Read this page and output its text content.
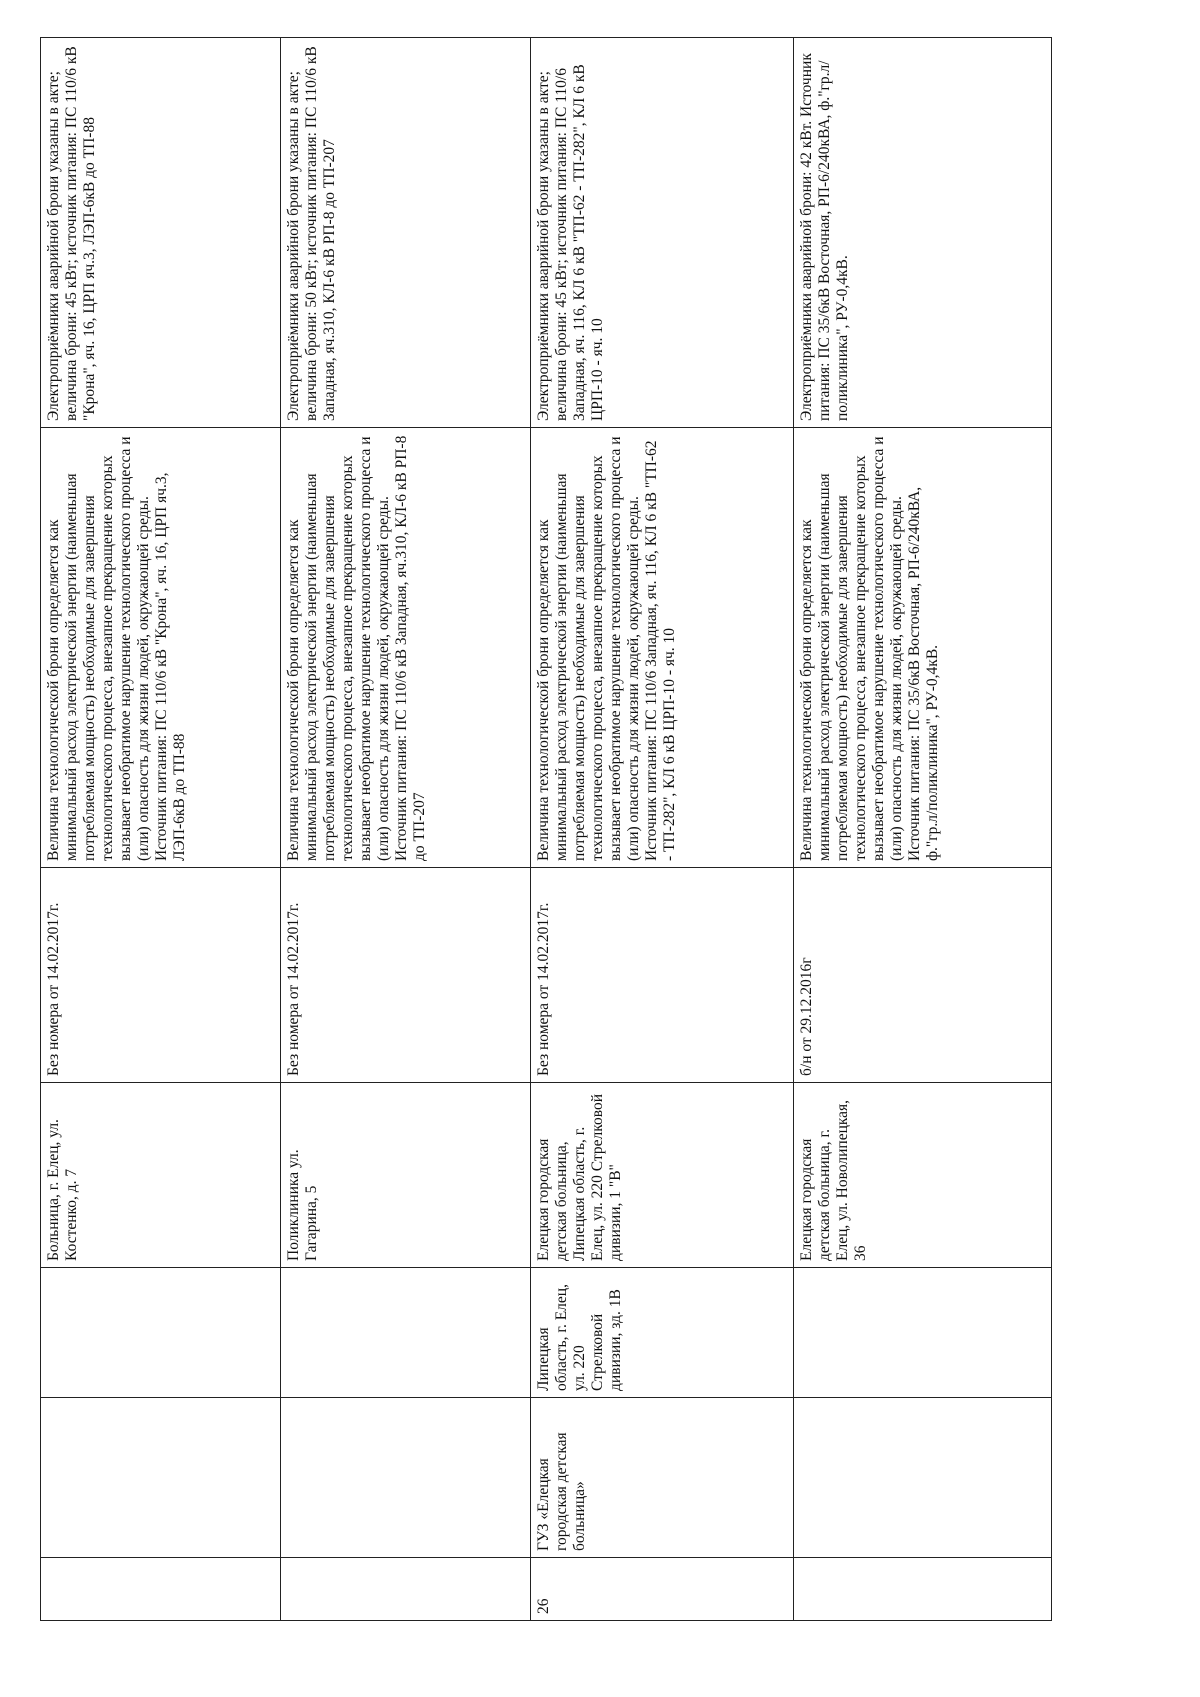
			Больница, г. Елец, ул. Костенко, д. 7	Без номера от 14.02.2017г.	Величина технологической брони определяется как минимальный расход электрической энергии (наименьшая потребляемая мощность) необходимые для завершения технологического процесса, внезапное прекращение которых вызывает необратимое нарушение технологического процесса и (или) опасность для жизни людей, окружающей среды. Источник питания: ПС 110/6 кВ "Крона", яч. 16, ЦРП яч.3, ЛЭП-6кВ до ТП-88	Электроприёмники аварийной брони указаны в акте; величина брони: 45 кВт; источник питания: ПС 110/6 кВ "Крона", яч. 16, ЦРП яч.3, ЛЭП-6кВ до ТП-88
			Поликлиника ул. Гагарина, 5	Без номера от 14.02.2017г.	Величина технологической брони определяется как минимальный расход электрической энергии (наименьшая потребляемая мощность) необходимые для завершения технологического процесса, внезапное прекращение которых вызывает необратимое нарушение технологического процесса и (или) опасность для жизни людей, окружающей среды. Источник питания: ПС 110/6 кВ Западная, яч.310, КЛ-6 кВ РП-8 до ТП-207	Электроприёмники аварийной брони указаны в акте; величина брони: 50 кВт; источник питания: ПС 110/6 кВ Западная, яч.310, КЛ-6 кВ РП-8 до ТП-207
26	ГУЗ «Елецкая городская детская больница»	Липецкая область, г. Елец, ул. 220 Стрелковой дивизии, зд. 1В	Елецкая городская детская больница, Липецкая область, г. Елец, ул. 220 Стрелковой дивизии, 1 "В"	Без номера от 14.02.2017г.	Величина технологической брони определяется как минимальный расход электрической энергии (наименьшая потребляемая мощность) необходимые для завершения технологического процесса, внезапное прекращение которых вызывает необратимое нарушение технологического процесса и (или) опасность для жизни людей, окружающей среды. Источник питания: ПС 110/6 Западная, яч. 116, КЛ 6 кВ "ТП-62 - ТП-282", КЛ 6 кВ ЦРП-10 - яч. 10	Электроприёмники аварийной брони указаны в акте; величина брони: 45 кВт; источник питания: ПС 110/6 Западная, яч. 116, КЛ 6 кВ "ТП-62 - ТП-282", КЛ 6 кВ ЦРП-10 - яч. 10
			Елецкая городская детская больница, г. Елец, ул. Новолипецкая, 36	б/н от 29.12.2016г	Величина технологической брони определяется как минимальный расход электрической энергии (наименьшая потребляемая мощность) необходимые для завершения технологического процесса, внезапное прекращение которых вызывает необратимое нарушение технологического процесса и (или) опасность для жизни людей, окружающей среды. Источник питания: ПС 35/6кВ Восточная, РП-6/240кВА, ф."гр.л/поликлиника", РУ-0,4кВ.	Электроприёмники аварийной брони: 42 кВт. Источник питания: ПС 35/6кВ Восточная, РП-6/240кВА, ф."гр.л/поликлиника", РУ-0,4кВ.
